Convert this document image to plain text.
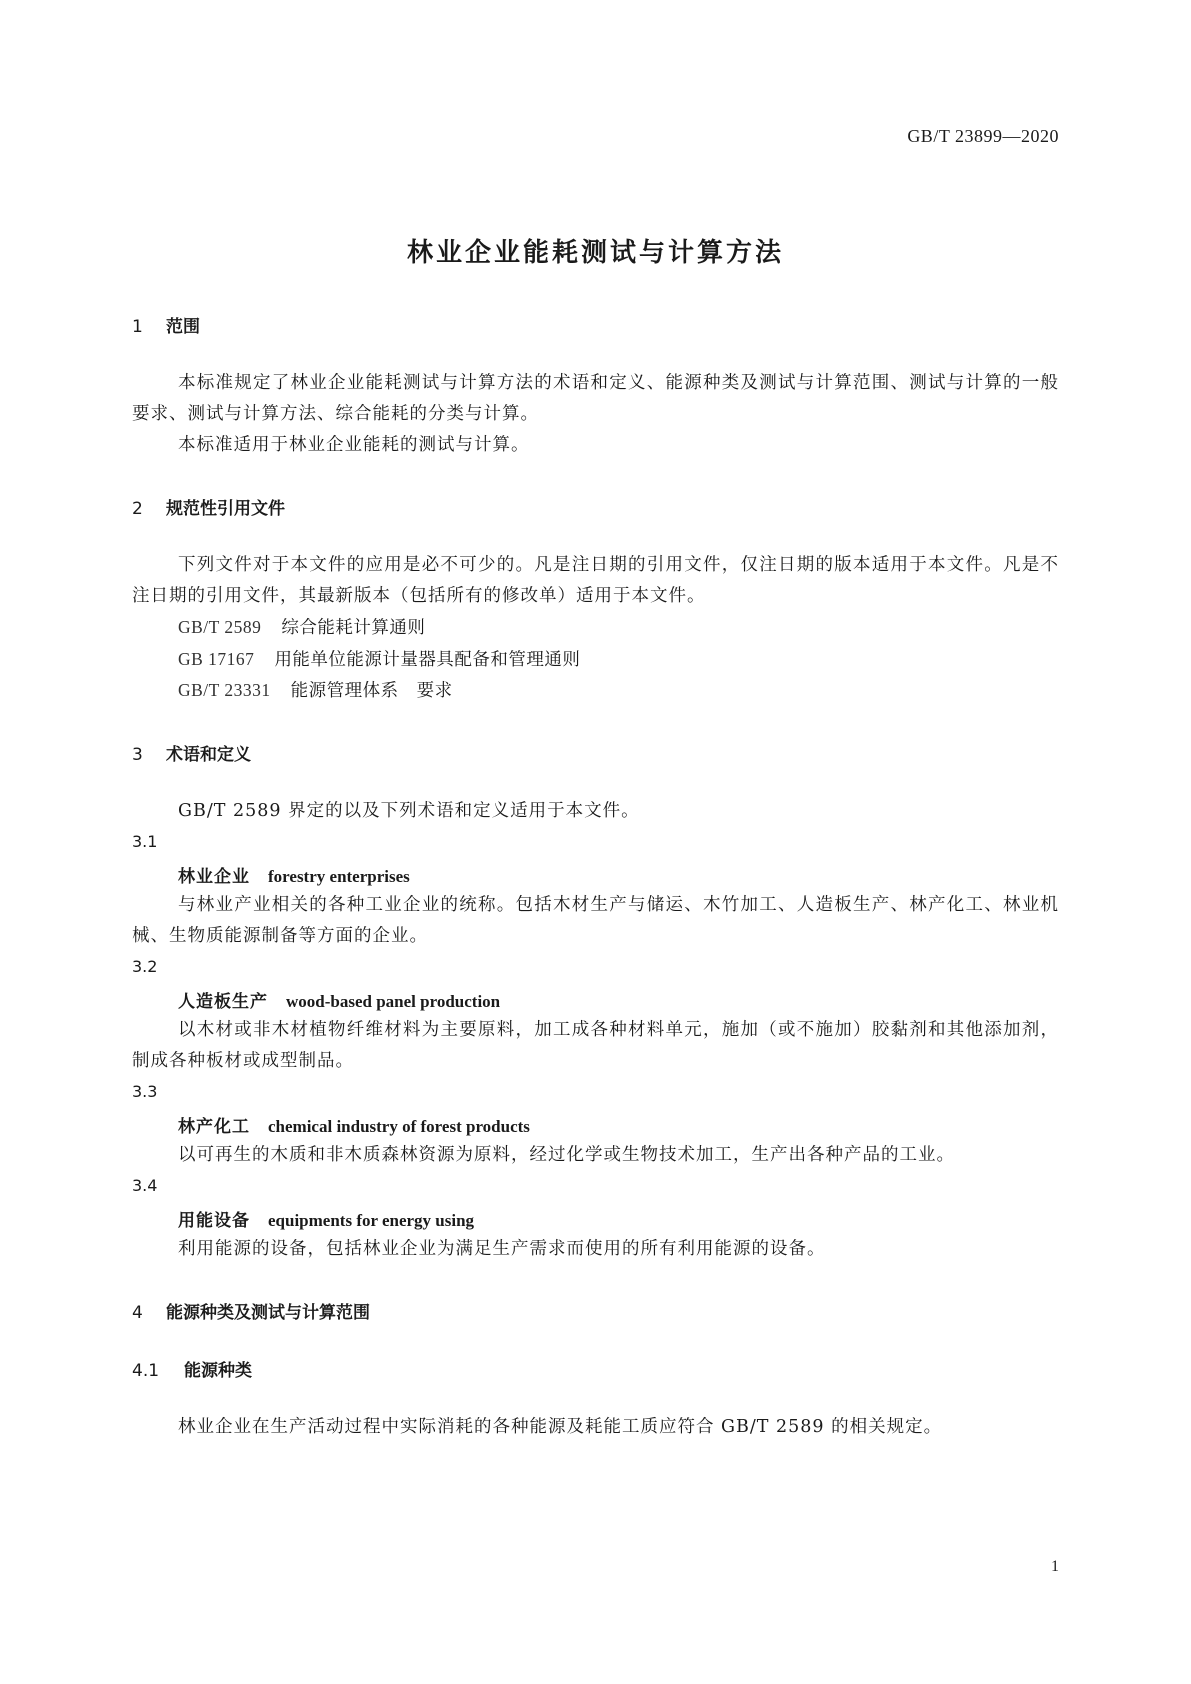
GB/T 23899—2020
林业企业能耗测试与计算方法
1 范围
本标准规定了林业企业能耗测试与计算方法的术语和定义、能源种类及测试与计算范围、测试与计算的一般要求、测试与计算方法、综合能耗的分类与计算。
本标准适用于林业企业能耗的测试与计算。
2 规范性引用文件
下列文件对于本文件的应用是必不可少的。凡是注日期的引用文件，仅注日期的版本适用于本文件。凡是不注日期的引用文件，其最新版本（包括所有的修改单）适用于本文件。
GB/T 2589 综合能耗计算通则
GB 17167 用能单位能源计量器具配备和管理通则
GB/T 23331 能源管理体系　要求
3 术语和定义
GB/T 2589 界定的以及下列术语和定义适用于本文件。
3.1
林业企业 forestry enterprises
与林业产业相关的各种工业企业的统称。包括木材生产与储运、木竹加工、人造板生产、林产化工、林业机械、生物质能源制备等方面的企业。
3.2
人造板生产 wood-based panel production
以木材或非木材植物纤维材料为主要原料，加工成各种材料单元，施加（或不施加）胶黏剂和其他添加剂，制成各种板材或成型制品。
3.3
林产化工 chemical industry of forest products
以可再生的木质和非木质森林资源为原料，经过化学或生物技术加工，生产出各种产品的工业。
3.4
用能设备 equipments for energy using
利用能源的设备，包括林业企业为满足生产需求而使用的所有利用能源的设备。
4 能源种类及测试与计算范围
4.1 能源种类
林业企业在生产活动过程中实际消耗的各种能源及耗能工质应符合 GB/T 2589 的相关规定。
1
